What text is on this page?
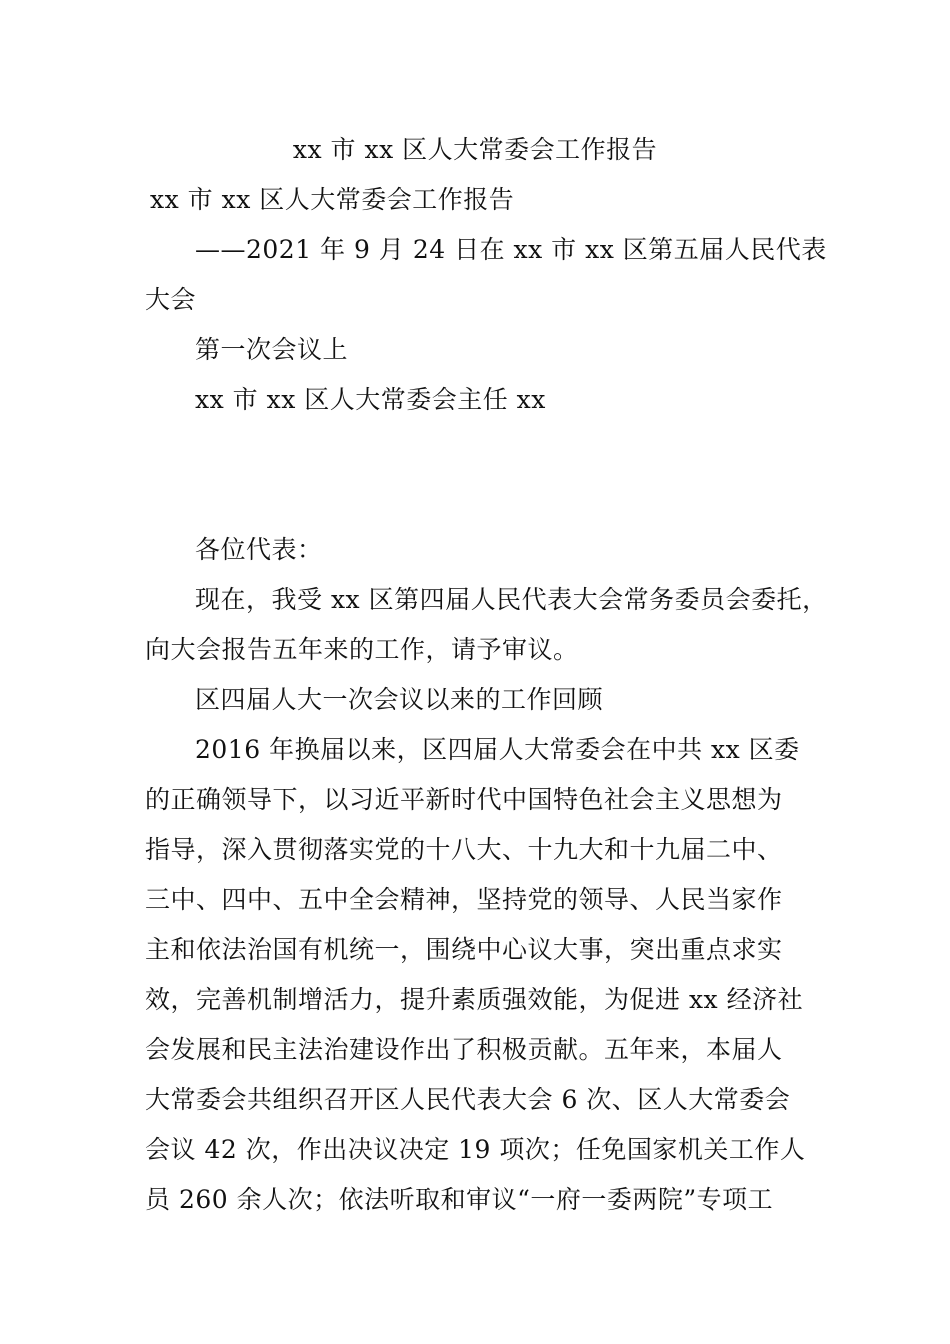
xx 市 xx 区人大常委会工作报告
xx 市 xx 区人大常委会工作报告
——2021 年 9 月 24 日在 xx 市 xx 区第五届人民代表
大会
第一次会议上
xx 市 xx 区人大常委会主任 xx
各位代表：
现在，我受 xx 区第四届人民代表大会常务委员会委托，
向大会报告五年来的工作，请予审议。
区四届人大一次会议以来的工作回顾
2016 年换届以来，区四届人大常委会在中共 xx 区委
的正确领导下，以习近平新时代中国特色社会主义思想为
指导，深入贯彻落实党的十八大、十九大和十九届二中、
三中、四中、五中全会精神，坚持党的领导、人民当家作
主和依法治国有机统一，围绕中心议大事，突出重点求实
效，完善机制增活力，提升素质强效能，为促进 xx 经济社
会发展和民主法治建设作出了积极贡献。五年来，本届人
大常委会共组织召开区人民代表大会 6 次、区人大常委会
会议 42 次，作出决议决定 19 项次；任免国家机关工作人
员 260 余人次；依法听取和审议“一府一委两院”专项工
